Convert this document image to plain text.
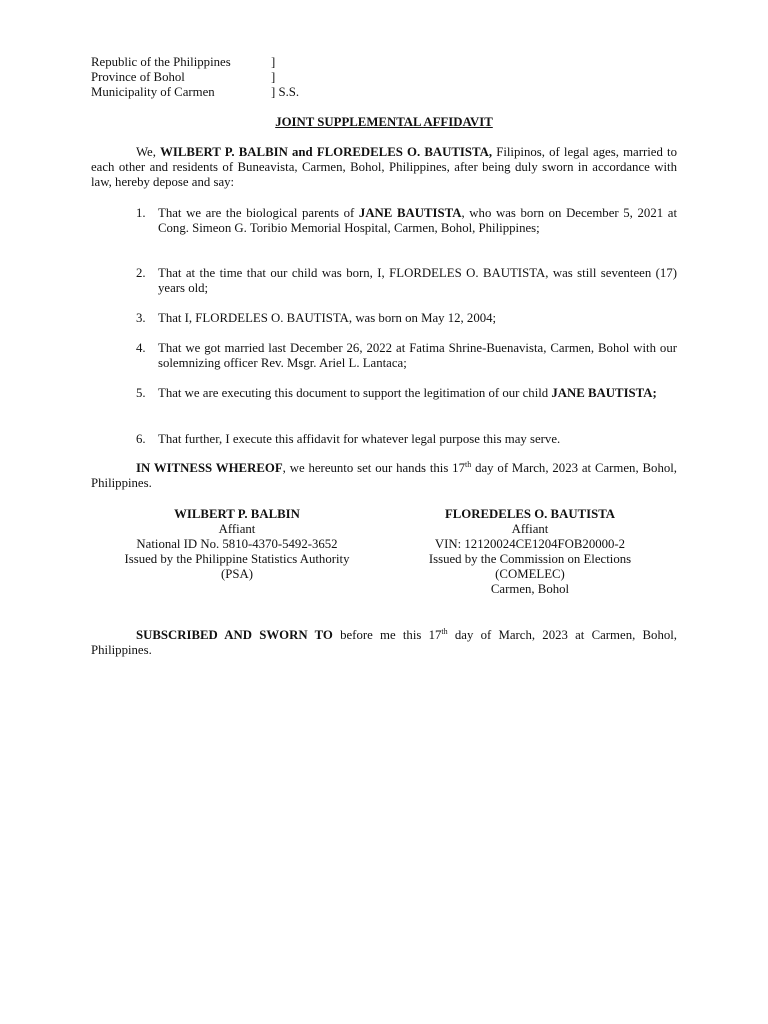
Republic of the Philippines	]
Province of Bohol	]
Municipality of Carmen	] S.S.
JOINT SUPPLEMENTAL AFFIDAVIT
We, WILBERT P. BALBIN and FLOREDELES O. BAUTISTA, Filipinos, of legal ages, married to each other and residents of Buneavista, Carmen, Bohol, Philippines, after being duly sworn in accordance with law, hereby depose and say:
1. That we are the biological parents of JANE BAUTISTA, who was born on December 5, 2021 at Cong. Simeon G. Toribio Memorial Hospital, Carmen, Bohol, Philippines;
2. That at the time that our child was born, I, FLORDELES O. BAUTISTA, was still seventeen (17) years old;
3. That I, FLORDELES O. BAUTISTA, was born on May 12, 2004;
4. That we got married last December 26, 2022 at Fatima Shrine-Buenavista, Carmen, Bohol with our solemnizing officer Rev. Msgr. Ariel L. Lantaca;
5. That we are executing this document to support the legitimation of our child JANE BAUTISTA;
6. That further, I execute this affidavit for whatever legal purpose this may serve.
IN WITNESS WHEREOF, we hereunto set our hands this 17th day of March, 2023 at Carmen, Bohol, Philippines.
WILBERT P. BALBIN
Affiant
National ID No. 5810-4370-5492-3652
Issued by the Philippine Statistics Authority
(PSA)
FLOREDELES O. BAUTISTA
Affiant
VIN: 12120024CE1204FOB20000-2
Issued by the Commission on Elections
(COMELEC)
Carmen, Bohol
SUBSCRIBED AND SWORN TO before me this 17th day of March, 2023 at Carmen, Bohol, Philippines.
